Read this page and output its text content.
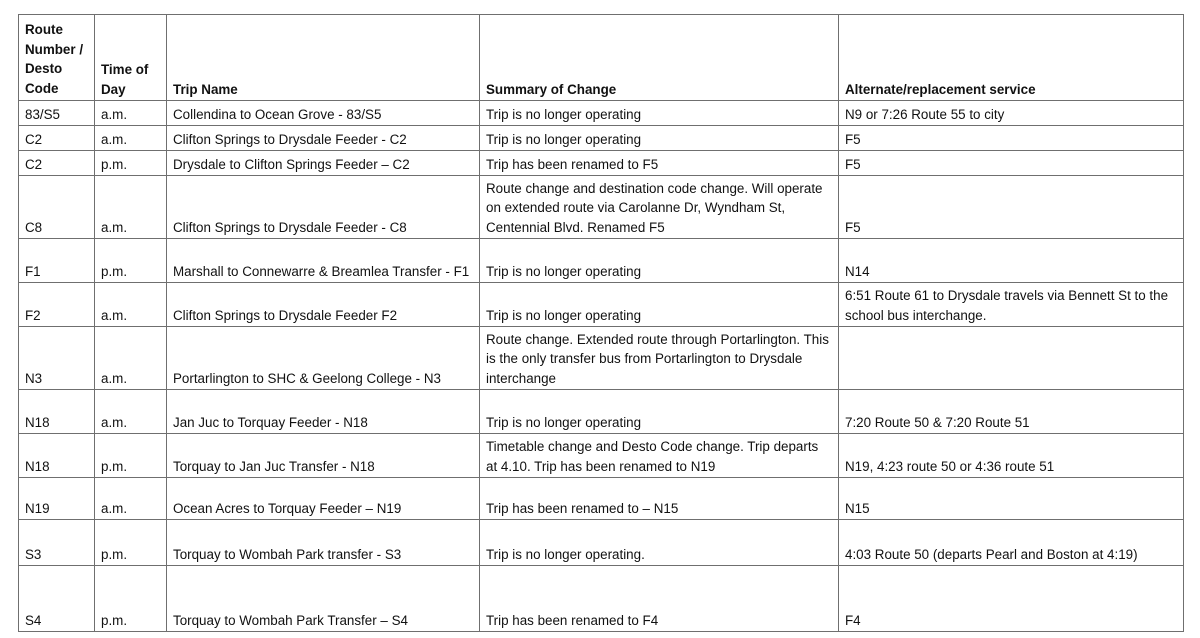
Route Number / Desto Code	Time of Day	Trip Name	Summary of Change	Alternate/replacement service
83/S5	a.m.	Collendina to Ocean Grove - 83/S5	Trip is no longer operating	N9 or 7:26 Route 55 to city
C2	a.m.	Clifton Springs to Drysdale Feeder - C2	Trip is no longer operating	F5
C2	p.m.	Drysdale to Clifton Springs Feeder – C2	Trip has been renamed to F5	F5
C8	a.m.	Clifton Springs to Drysdale Feeder - C8	Route change and destination code change. Will operate on extended route via Carolanne Dr, Wyndham St, Centennial Blvd. Renamed F5	F5
F1	p.m.	Marshall to Connewarre & Breamlea Transfer - F1	Trip is no longer operating	N14
F2	a.m.	Clifton Springs to Drysdale Feeder F2	Trip is no longer operating	6:51 Route 61 to Drysdale travels via Bennett St to the school bus interchange.
N3	a.m.	Portarlington to SHC & Geelong College - N3	Route change. Extended route through Portarlington. This is the only transfer bus from Portarlington to Drysdale interchange	
N18	a.m.	Jan Juc to Torquay Feeder - N18	Trip is no longer operating	7:20 Route 50 & 7:20 Route 51
N18	p.m.	Torquay to Jan Juc Transfer - N18	Timetable change and Desto Code change. Trip departs at 4.10. Trip has been renamed to N19	N19, 4:23 route 50 or 4:36 route 51
N19	a.m.	Ocean Acres to Torquay Feeder – N19	Trip has been renamed to – N15	N15
S3	p.m.	Torquay to Wombah Park transfer - S3	Trip is no longer operating.	4:03 Route 50 (departs Pearl and Boston at 4:19)
S4	p.m.	Torquay to Wombah Park Transfer – S4	Trip has been renamed to F4	F4
